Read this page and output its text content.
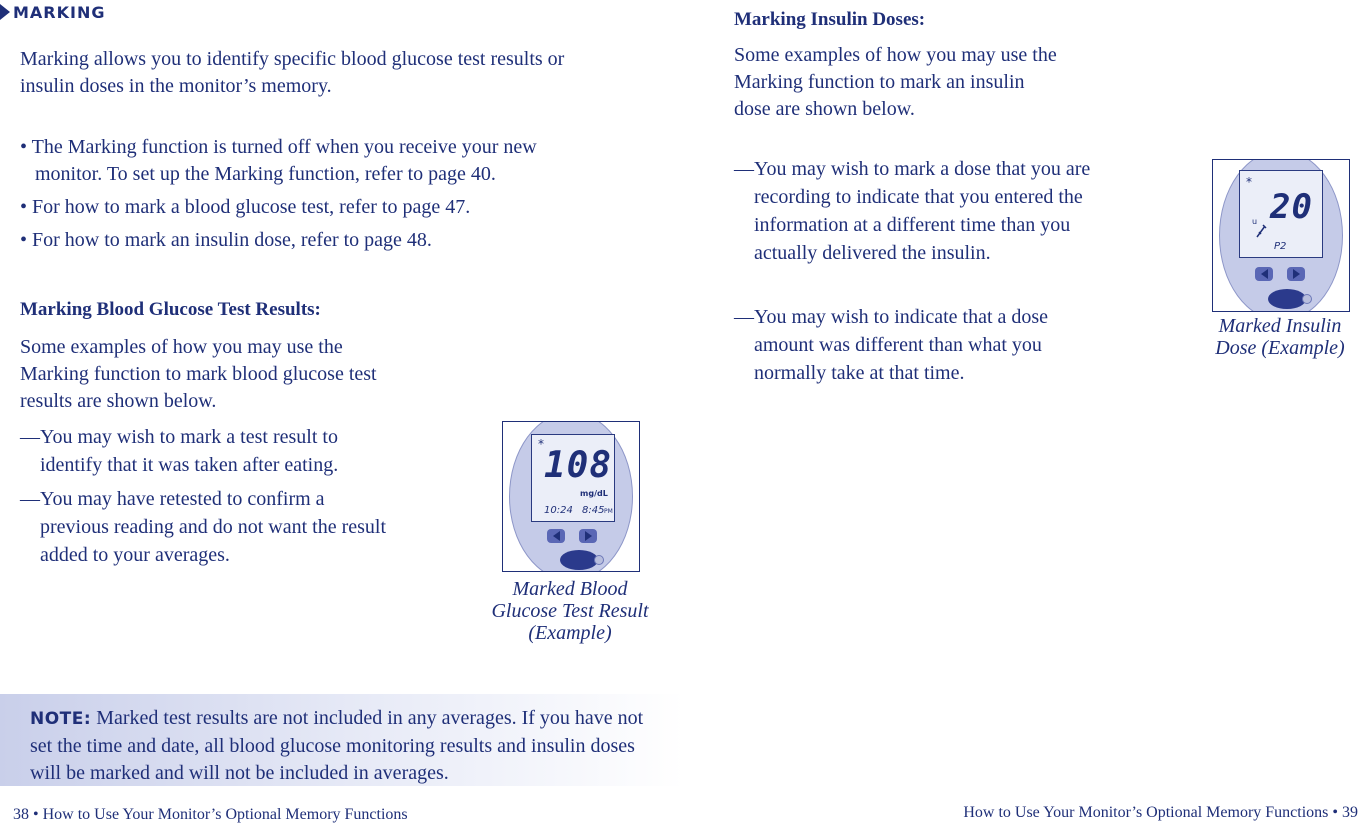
MARKING

Marking allows you to identify specific blood glucose test results or insulin doses in the monitor’s memory.

• The Marking function is turned off when you receive your new monitor. To set up the Marking function, refer to page 40.
• For how to mark a blood glucose test, refer to page 47.
• For how to mark an insulin dose, refer to page 48.
Marking Blood Glucose Test Results:

Some examples of how you may use the Marking function to mark blood glucose test results are shown below.

—You may wish to mark a test result to identify that it was taken after eating.
—You may have retested to confirm a previous reading and do not want the result added to your averages.
*
108
mg/dL
10:24 8:45 PM

Marked Blood Glucose Test Result (Example)

NOTE: Marked test results are not included in any averages. If you have not set the time and date, all blood glucose monitoring results and insulin doses will be marked and will not be included in averages.

38 • How to Use Your Monitor’s Optional Memory Functions
Marking Insulin Doses:

Some examples of how you may use the Marking function to mark an insulin dose are shown below.

—You may wish to mark a dose that you are recording to indicate that you entered the information at a different time than you actually delivered the insulin.
—You may wish to indicate that a dose amount was different than what you normally take at that time.
*
20
u
P2

Marked Insulin Dose (Example)

How to Use Your Monitor’s Optional Memory Functions • 39
